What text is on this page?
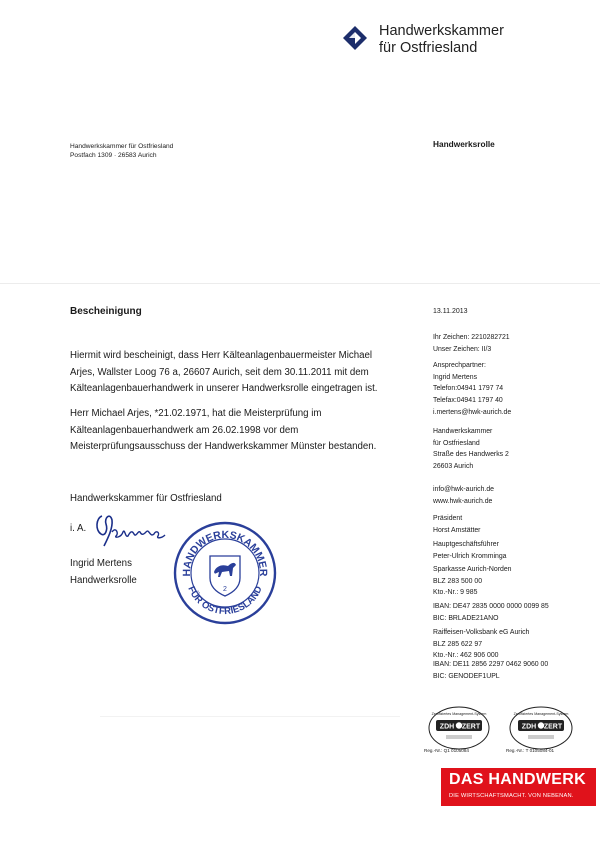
Handwerkskammer
für Ostfriesland
Handwerkskammer für Ostfriesland
Postfach 1309 · 26583 Aurich
Handwerksrolle
Bescheinigung	13.11.2013
Hiermit wird bescheinigt, dass Herr Kälteanlagenbauermeister Michael
Arjes, Wallster Loog 76 a, 26607 Aurich, seit dem 30.11.2011 mit dem
Kälteanlagenbauerhandwerk in unserer Handwerksrolle eingetragen ist.
Herr Michael Arjes, *21.02.1971, hat die Meisterprüfung im
Kälteanlagenbauerhandwerk am 26.02.1998 vor dem
Meisterprüfungsausschuss der Handwerkskammer Münster bestanden.
Handwerkskammer für Ostfriesland
i. A.
Ingrid Mertens
Handwerksrolle
HANDWERKSKAMMER
FÜR OSTFRIESLAND
2
Ihr Zeichen: 2210282721
Unser Zeichen: II/3
Ansprechpartner:
Ingrid Mertens
Telefon:04941 1797 74
Telefax:04941 1797 40
i.mertens@hwk-aurich.de
Handwerkskammer
für Ostfriesland
Straße des Handwerks 2
26603 Aurich
info@hwk-aurich.de
www.hwk-aurich.de
Präsident
Horst Amstätter
Hauptgeschäftsführer
Peter-Ulrich Kromminga
Sparkasse Aurich-Norden
BLZ 283 500 00
Kto.-Nr.: 9 985
IBAN: DE47 2835 0000 0000 0099 85
BIC: BRLADE21ANO
Raiffeisen-Volksbank eG Aurich
BLZ 285 622 97
Kto.-Nr.: 462 906 000
IBAN: DE11 2856 2297 0462 9060 00
BIC: GENODEF1UPL
Zertifiziertes Management-System
ZDH ZERT
Reg.-Nr.: Q1 0105084
Zertifiziertes Management-System
ZDH ZERT
Reg.-Nr.: T 0105084-01
DAS HANDWERK
DIE WIRTSCHAFTSMACHT. VON NEBENAN.
